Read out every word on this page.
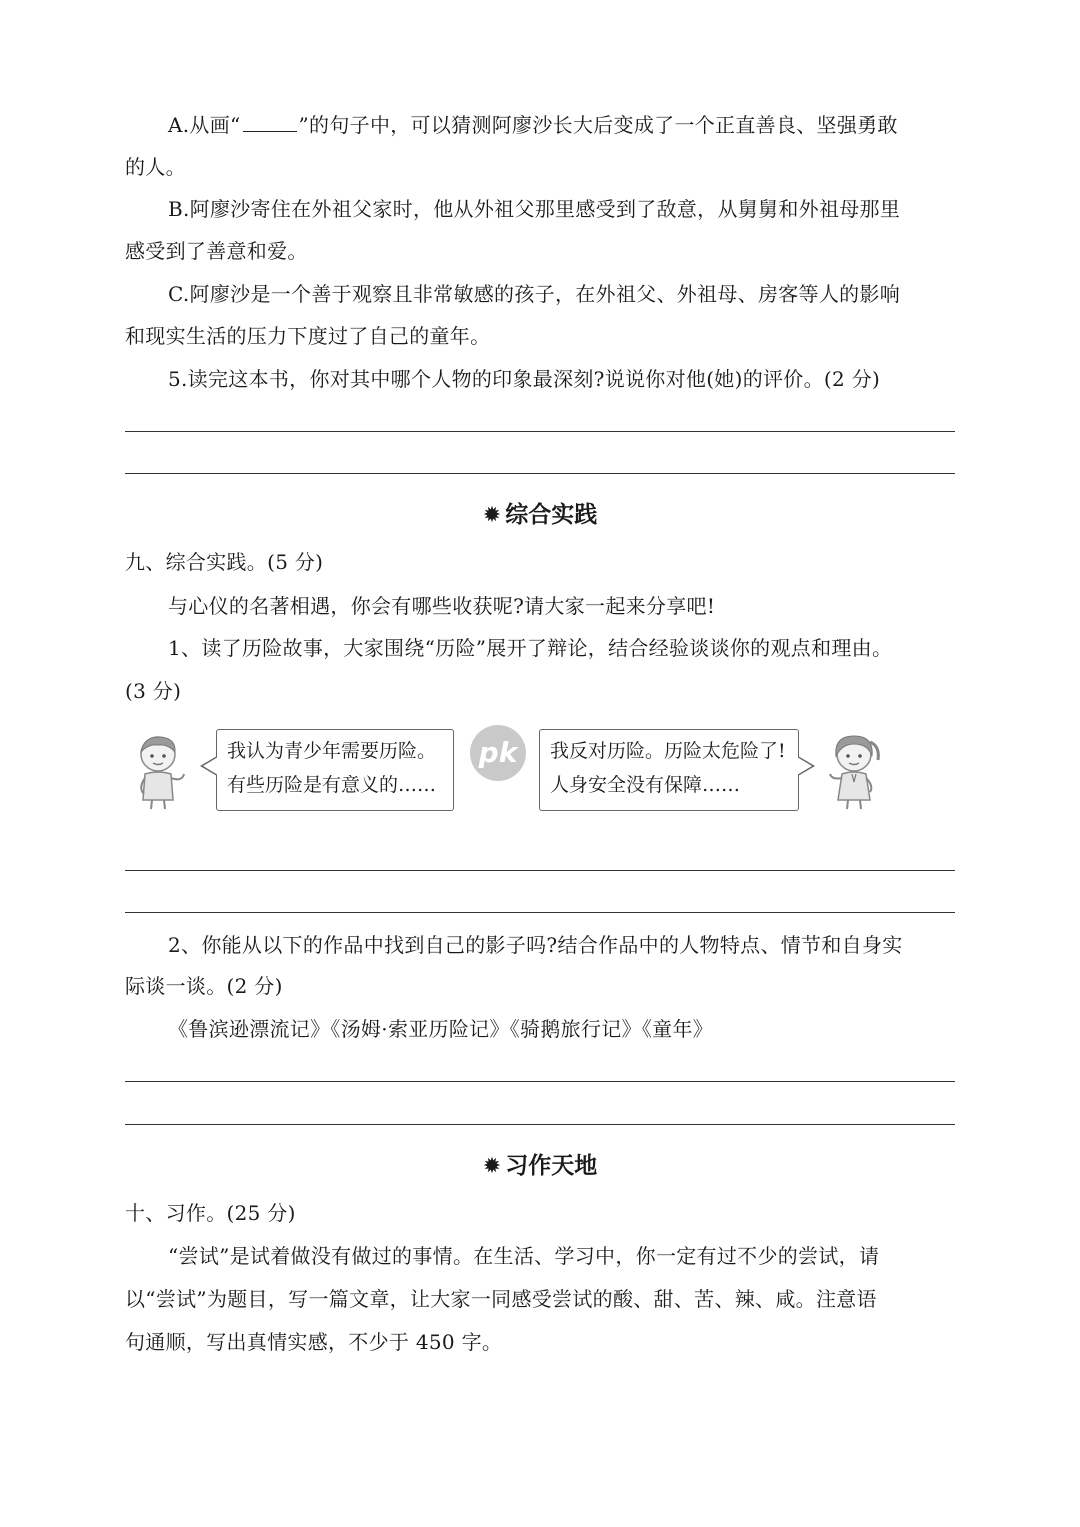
A.从画“	”的句子中，可以猜测阿廖沙长大后变成了一个正直善良、坚强勇敢
的人。
B.阿廖沙寄住在外祖父家时，他从外祖父那里感受到了敌意，从舅舅和外祖母那里
感受到了善意和爱。
C.阿廖沙是一个善于观察且非常敏感的孩子，在外祖父、外祖母、房客等人的影响
和现实生活的压力下度过了自己的童年。
5.读完这本书，你对其中哪个人物的印象最深刻?说说你对他(她)的评价。(2 分)
✹ 综合实践
九、综合实践。(5 分)
与心仪的名著相遇，你会有哪些收获呢?请大家一起来分享吧!
1、读了历险故事，大家围绕“历险”展开了辩论，结合经验谈谈你的观点和理由。
(3 分)
我认为青少年需要历险。
有些历险是有意义的……
pk	我反对历险。历险太危险了!
人身安全没有保障……
2、你能从以下的作品中找到自己的影子吗?结合作品中的人物特点、情节和自身实
际谈一谈。(2 分)
《鲁滨逊漂流记》《汤姆·索亚历险记》《骑鹅旅行记》《童年》
✹ 习作天地
十、习作。(25 分)
“尝试”是试着做没有做过的事情。在生活、学习中，你一定有过不少的尝试，请
以“尝试”为题目，写一篇文章，让大家一同感受尝试的酸、甜、苦、辣、咸。注意语
句通顺，写出真情实感，不少于 450 字。
